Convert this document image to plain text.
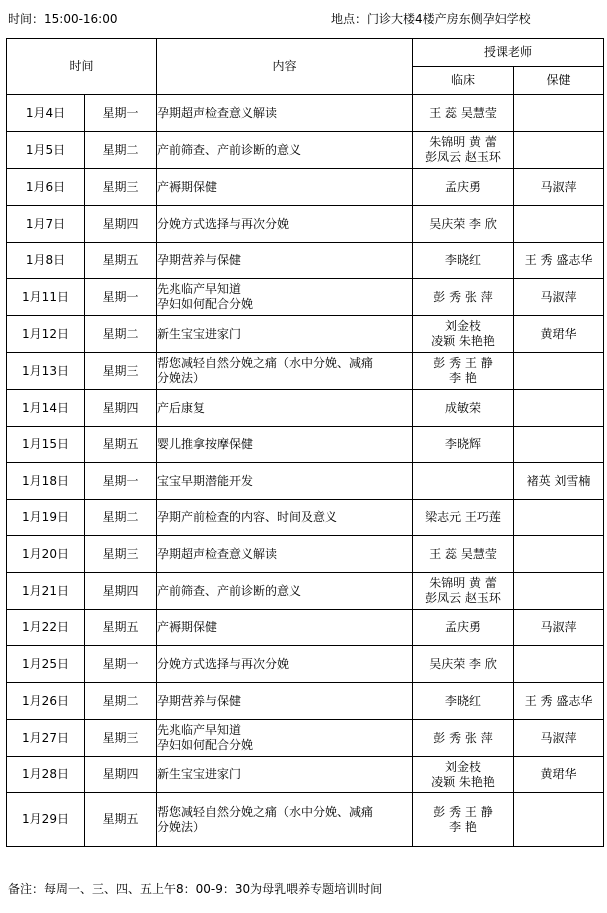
时间：15:00-16:00	地点：门诊大楼4楼产房东侧孕妇学校
时间		内容	授课老师	
			临床	保健
1月4日	星期一	孕期超声检查意义解读	王 蕊 吴慧莹	

1月5日	星期二	产前筛查、产前诊断的意义	朱锦明 黄 蕾
彭凤云 赵玉环	

1月6日	星期三	产褥期保健	孟庆勇	马淑萍

1月7日	星期四	分娩方式选择与再次分娩	吴庆荣 李 欣	

1月8日	星期五	孕期营养与保健	李晓红	王 秀 盛志华

1月11日	星期一	先兆临产早知道
孕妇如何配合分娩	彭 秀 张 萍	马淑萍

1月12日	星期二	新生宝宝进家门	刘金枝
凌颖 朱艳艳	黄珺华

1月13日	星期三	帮您减轻自然分娩之痛（水中分娩、减痛
分娩法）	彭 秀 王 静
李 艳	

1月14日	星期四	产后康复	成敏荣	

1月15日	星期五	婴儿推拿按摩保健	李晓辉	

1月18日	星期一	宝宝早期潜能开发		褚英 刘雪楠

1月19日	星期二	孕期产前检查的内容、时间及意义	梁志元 王巧莲	

1月20日	星期三	孕期超声检查意义解读	王 蕊 吴慧莹	

1月21日	星期四	产前筛查、产前诊断的意义	朱锦明 黄 蕾
彭凤云 赵玉环	

1月22日	星期五	产褥期保健	孟庆勇	马淑萍

1月25日	星期一	分娩方式选择与再次分娩	吴庆荣 李 欣	

1月26日	星期二	孕期营养与保健	李晓红	王 秀 盛志华

1月27日	星期三	先兆临产早知道
孕妇如何配合分娩	彭 秀 张 萍	马淑萍

1月28日	星期四	新生宝宝进家门	刘金枝
凌颖 朱艳艳	黄珺华

1月29日	星期五	帮您减轻自然分娩之痛（水中分娩、减痛
分娩法）	彭 秀 王 静
李 艳	

备注：每周一、三、四、五上午8：00-9：30为母乳喂养专题培训时间
